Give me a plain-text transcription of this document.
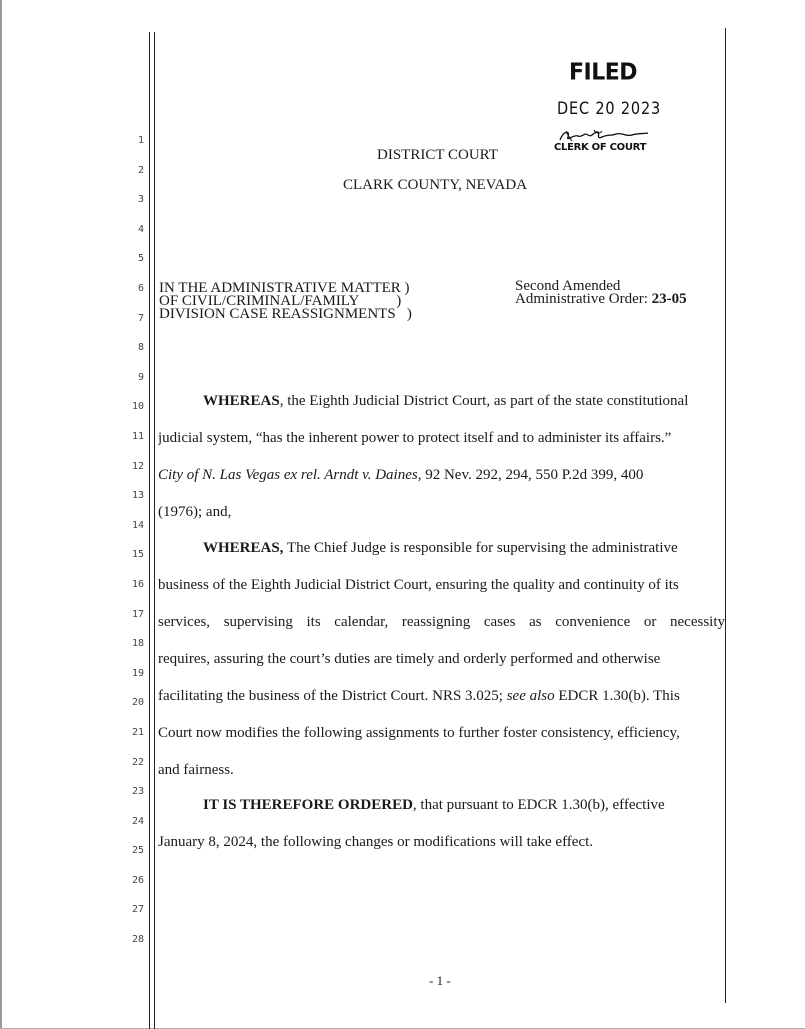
1
2
3
4
5
6
7
8
9
10
11
12
13
14
15
16
17
18
19
20
21
22
23
24
25
26
27
28
FILED
DEC 20 2023
CLERK OF COURT
DISTRICT COURT
CLARK COUNTY, NEVADA
IN THE ADMINISTRATIVE MATTER )
OF CIVIL/CRIMINAL/FAMILY          )
DIVISION CASE REASSIGNMENTS   )
Second Amended
Administrative Order: 23-05
WHEREAS, the Eighth Judicial District Court, as part of the state constitutional
judicial system, “has the inherent power to protect itself and to administer its affairs.”
City of N. Las Vegas ex rel. Arndt v. Daines, 92 Nev. 292, 294, 550 P.2d 399, 400
(1976); and,
WHEREAS, The Chief Judge is responsible for supervising the administrative
business of the Eighth Judicial District Court, ensuring the quality and continuity of its
services, supervising its calendar, reassigning cases as convenience or necessity
requires, assuring the court’s duties are timely and orderly performed and otherwise
facilitating the business of the District Court. NRS 3.025; see also EDCR 1.30(b). This
Court now modifies the following assignments to further foster consistency, efficiency,
and fairness.
IT IS THEREFORE ORDERED, that pursuant to EDCR 1.30(b), effective
January 8, 2024, the following changes or modifications will take effect.
- 1 -
